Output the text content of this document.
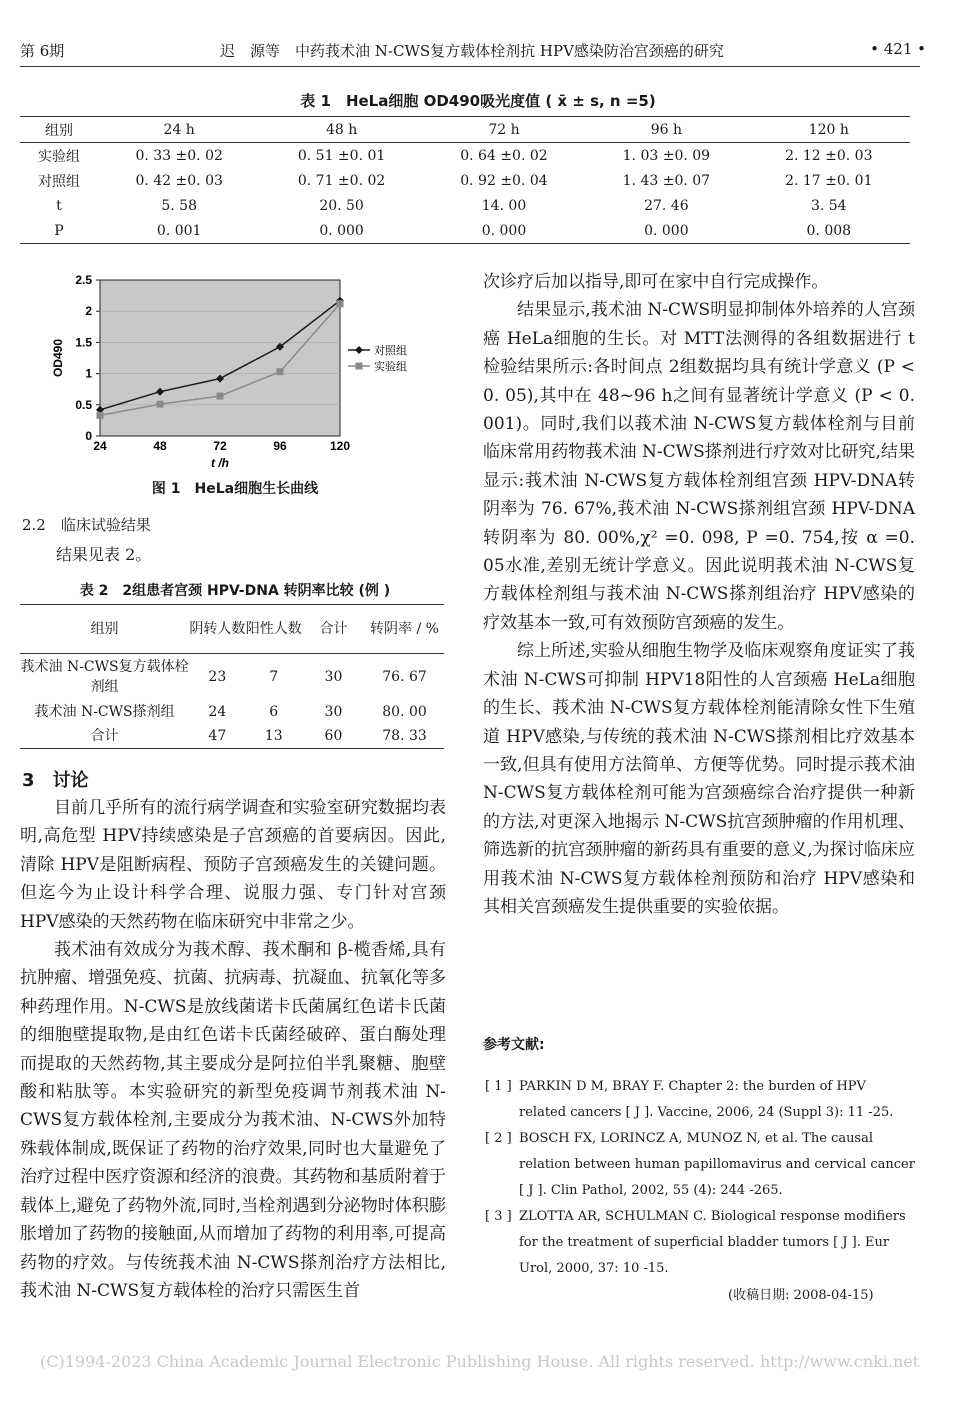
第 6期	迟　源等　中药莪术油 N-CWS复方载体栓剂抗 HPV感染防治宫颈癌的研究	• 421 •
表 1　HeLa细胞 OD490吸光度值 ( x̄ ± s, n =5)
组别	24 h	48 h	72 h	96 h	120 h
实验组	0. 33 ±0. 02	0. 51 ±0. 01	0. 64 ±0. 02	1. 03 ±0. 09	2. 12 ±0. 03
对照组	0. 42 ±0. 03	0. 71 ±0. 02	0. 92 ±0. 04	1. 43 ±0. 07	2. 17 ±0. 01
t	5. 58	20. 50	14. 00	27. 46	3. 54
P	0. 001	0. 000	0. 000	0. 000	0. 008
0
0.5
1
1.5
2
2.5
24	48	72	96	120
t /h
OD490	对照组
实验组
图 1　HeLa细胞生长曲线
2.2　临床试验结果
结果见表 2。
表 2　2组患者宫颈 HPV-DNA 转阴率比较 (例 )
组别	阴转人数	阳性人数	合计	转阴率 / %
莪术油 N-CWS复方载体栓剂组	23	7	30	76. 67
莪术油 N-CWS搽剂组	24	6	30	80. 00
合计	47	13	60	78. 33
3　讨论

目前几乎所有的流行病学调查和实验室研究数据均表明,高危型 HPV持续感染是子宫颈癌的首要病因。因此,清除 HPV是阻断病程、预防子宫颈癌发生的关键问题。但迄今为止设计科学合理、说服力强、专门针对宫颈 HPV感染的天然药物在临床研究中非常之少。

莪术油有效成分为莪术醇、莪术酮和 β-榄香烯,具有抗肿瘤、增强免疫、抗菌、抗病毒、抗凝血、抗氧化等多种药理作用。N-CWS是放线菌诺卡氏菌属红色诺卡氏菌的细胞壁提取物,是由红色诺卡氏菌经破碎、蛋白酶处理而提取的天然药物,其主要成分是阿拉伯半乳聚糖、胞壁酸和粘肽等。本实验研究的新型免疫调节剂莪术油 N-CWS复方载体栓剂,主要成分为莪术油、N-CWS外加特殊载体制成,既保证了药物的治疗效果,同时也大量避免了治疗过程中医疗资源和经济的浪费。其药物和基质附着于载体上,避免了药物外流,同时,当栓剂遇到分泌物时体积膨胀增加了药物的接触面,从而增加了药物的利用率,可提高药物的疗效。与传统莪术油 N-CWS搽剂治疗方法相比,莪术油 N-CWS复方载体栓的治疗只需医生首

次诊疗后加以指导,即可在家中自行完成操作。

结果显示,莪术油 N-CWS明显抑制体外培养的人宫颈癌 HeLa细胞的生长。对 MTT法测得的各组数据进行 t检验结果所示:各时间点 2组数据均具有统计学意义 (P < 0. 05),其中在 48~96 h之间有显著统计学意义 (P < 0. 001)。同时,我们以莪术油 N-CWS复方载体栓剂与目前临床常用药物莪术油 N-CWS搽剂进行疗效对比研究,结果显示:莪术油 N-CWS复方载体栓剂组宫颈 HPV-DNA转阴率为 76. 67%,莪术油 N-CWS搽剂组宫颈 HPV-DNA转阴率为 80. 00%,χ² =0. 098, P =0. 754,按 α =0. 05水准,差别无统计学意义。因此说明莪术油 N-CWS复方载体栓剂组与莪术油 N-CWS搽剂组治疗 HPV感染的疗效基本一致,可有效预防宫颈癌的发生。

综上所述,实验从细胞生物学及临床观察角度证实了莪术油 N-CWS可抑制 HPV18阳性的人宫颈癌 HeLa细胞的生长、莪术油 N-CWS复方载体栓剂能清除女性下生殖道 HPV感染,与传统的莪术油 N-CWS搽剂相比疗效基本一致,但具有使用方法简单、方便等优势。同时提示莪术油 N-CWS复方载体栓剂可能为宫颈癌综合治疗提供一种新的方法,对更深入地揭示 N-CWS抗宫颈肿瘤的作用机理、筛选新的抗宫颈肿瘤的新药具有重要的意义,为探讨临床应用莪术油 N-CWS复方载体栓剂预防和治疗 HPV感染和其相关宫颈癌发生提供重要的实验依据。

参考文献:
[ 1 ] PARKIN D M, BRAY F. Chapter 2: the burden of HPV related cancers [ J ]. Vaccine, 2006, 24 (Suppl 3): 11 -25.
[ 2 ] BOSCH FX, LORINCZ A, MUNOZ N, et al. The causal relation between human papillomavirus and cervical cancer [ J ]. Clin Pathol, 2002, 55 (4): 244 -265.
[ 3 ] ZLOTTA AR, SCHULMAN C. Biological response modifiers for the treatment of superficial bladder tumors [ J ]. Eur Urol, 2000, 37: 10 -15.
(收稿日期: 2008-04-15)
(C)1994-2023 China Academic Journal Electronic Publishing House. All rights reserved. http://www.cnki.net
